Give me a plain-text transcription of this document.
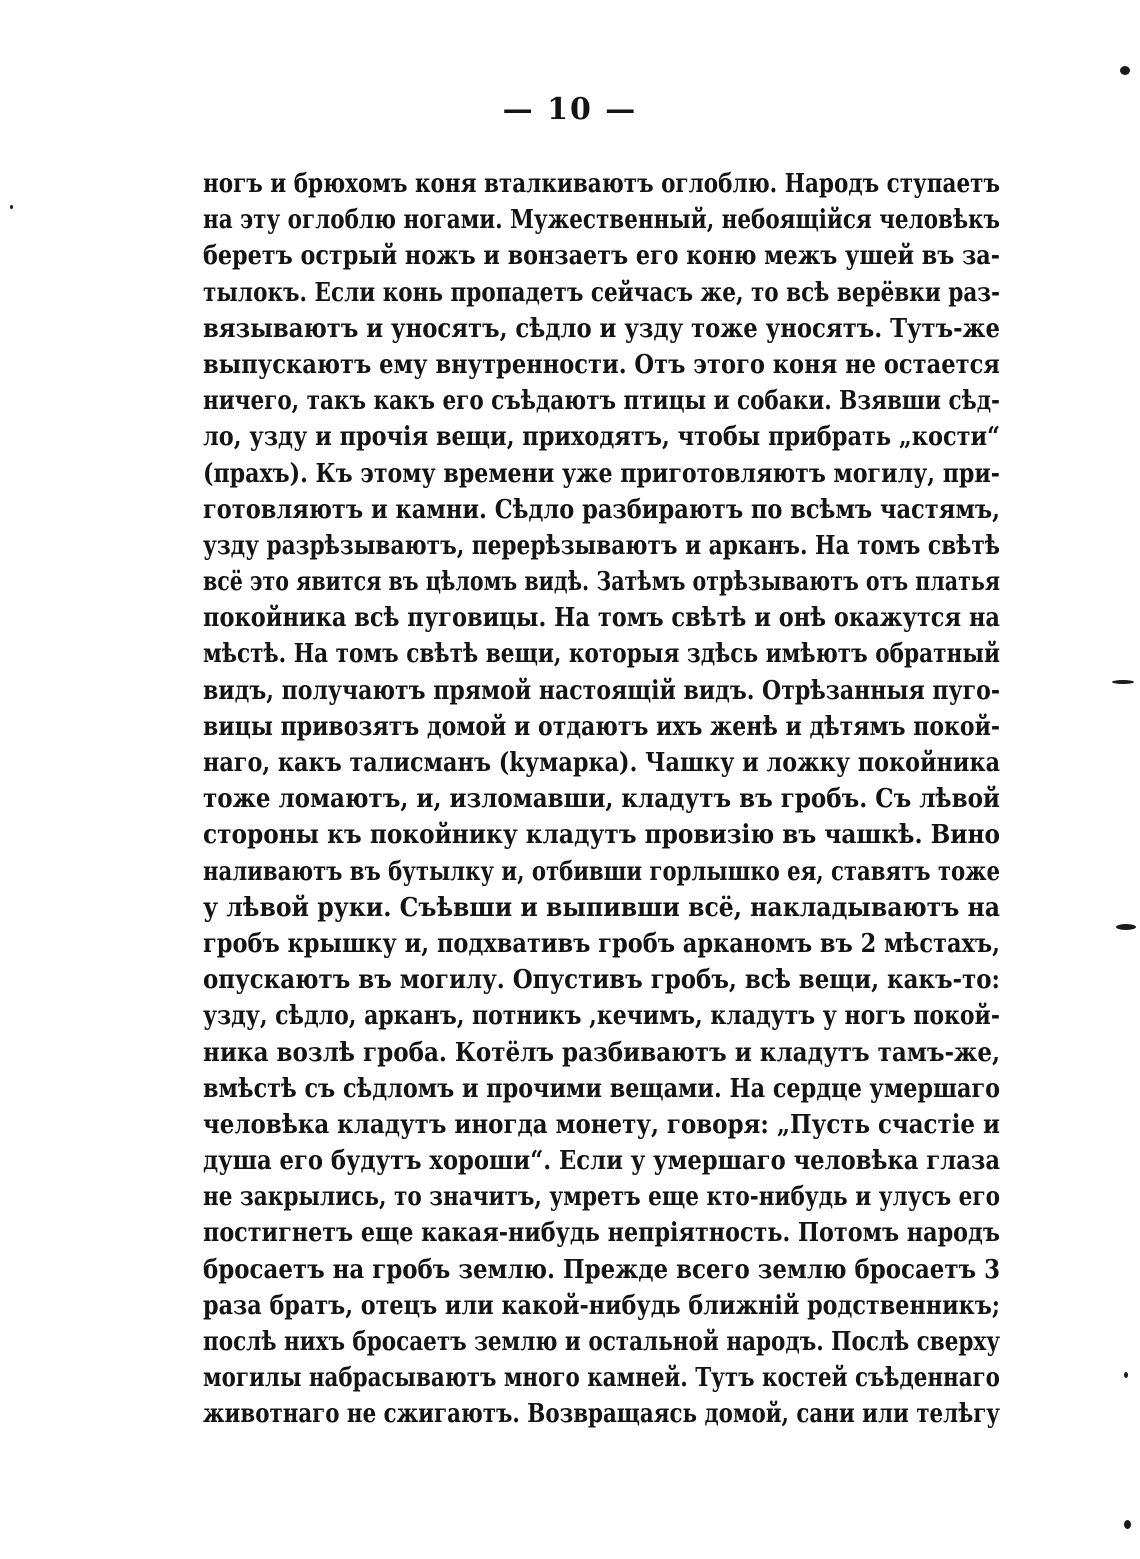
— 10 —
ногъ и брюхомъ коня вталкиваютъ оглоблю. Народъ ступаетъ
на эту оглоблю ногами. Мужественный, небоящійся человѣкъ
беретъ острый ножъ и вонзаетъ его коню межъ ушей въ за-
тылокъ. Если конь пропадетъ сейчасъ же, то всѣ верёвки раз-
вязываютъ и уносятъ, сѣдло и узду тоже уносятъ. Тутъ-же
выпускаютъ ему внутренности. Отъ этого коня не остается
ничего, такъ какъ его съѣдаютъ птицы и собаки. Взявши сѣд-
ло, узду и прочія вещи, приходятъ, чтобы прибрать „кости“
(прахъ). Къ этому времени уже приготовляютъ могилу, при-
готовляютъ и камни. Сѣдло разбираютъ по всѣмъ частямъ,
узду разрѣзываютъ, перерѣзываютъ и арканъ. На томъ свѣтѣ
всё это явится въ цѣломъ видѣ. Затѣмъ отрѣзываютъ отъ платья
покойника всѣ пуговицы. На томъ свѣтѣ и онѣ окажутся на
мѣстѣ. На томъ свѣтѣ вещи, которыя здѣсь имѣютъ обратный
видъ, получаютъ прямой настоящій видъ. Отрѣзанныя пуго-
вицы привозятъ домой и отдаютъ ихъ женѣ и дѣтямъ покой-
наго, какъ талисманъ (kумаркa). Чашку и ложку покойника
тоже ломаютъ, и, изломавши, кладутъ въ гробъ. Съ лѣвой
стороны къ покойнику кладутъ провизію въ чашкѣ. Вино
наливаютъ въ бутылку и, отбивши горлышко ея, ставятъ тоже
у лѣвой руки. Съѣвши и выпивши всё, накладываютъ на
гробъ крышку и, подхвативъ гробъ арканомъ въ 2 мѣстахъ,
опускаютъ въ могилу. Опустивъ гробъ, всѣ вещи, какъ-то:
узду, сѣдло, арканъ, потникъ ,кечимъ, кладутъ у ногъ покой-
ника возлѣ гроба. Котёлъ разбиваютъ и кладутъ тамъ-же,
вмѣстѣ съ сѣдломъ и прочими вещами. На сердце умершаго
человѣка кладутъ иногда монету, говоря: „Пусть счастіе и
душа его будутъ хороши“. Если у умершаго человѣка глаза
не закрылись, то значитъ, умретъ еще кто-нибудь и улусъ его
постигнетъ еще какая-нибудь непріятность. Потомъ народъ
бросаетъ на гробъ землю. Прежде всего землю бросаетъ 3
раза братъ, отецъ или какой-нибудь ближній родственникъ;
послѣ нихъ бросаетъ землю и остальной народъ. Послѣ сверху
могилы набрасываютъ много камней. Тутъ костей съѣденнаго
животнаго не сжигаютъ. Возвращаясь домой, сани или телѣгу
